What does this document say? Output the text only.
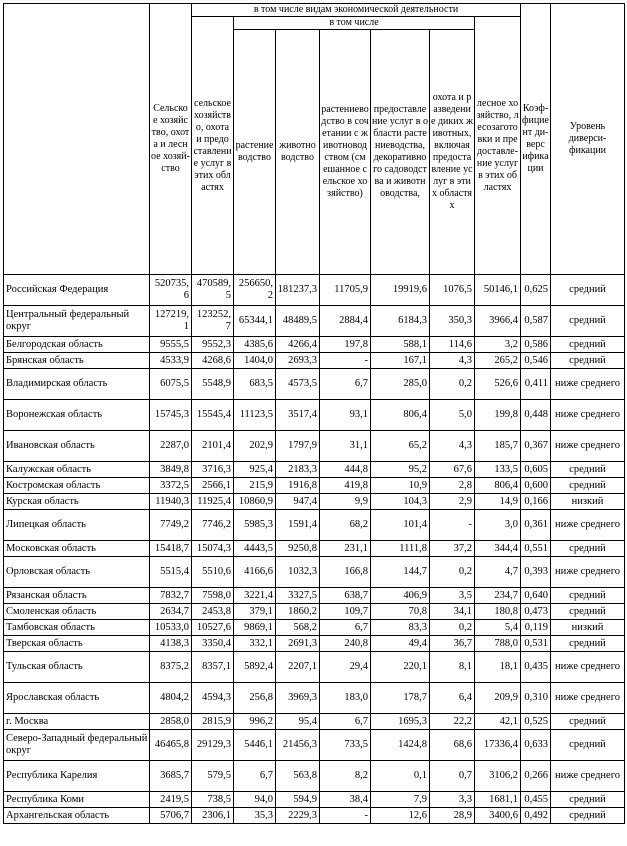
	Сельское хозяйство, охота и лесное хозяйство	в том числе видам экономической деятельности							Коэффициент диверсификации	Уровень диверсификации
		сельское хозяйство, охота и предоставление услуг в этих областях	в том числе					лесное хозяйство, лесозаготовки и предоставление услуг в этих областях		
			растениеводство	животноводство	растениеводство в сочетании с животноводством (смешанное сельское хозяйство)	предоставление услуг в области растениеводства, декоративного садоводства и животноводства,	охота и разведение диких животных, включая предоставление услуг в этих областях			
Российская Федерация	520735,6	470589,5	256650,2	181237,3	11705,9	19919,6	1076,5	50146,1	0,625	средний
Центральный федеральный округ	127219,1	123252,7	65344,1	48489,5	2884,4	6184,3	350,3	3966,4	0,587	средний
Белгородская область	9555,5	9552,3	4385,6	4266,4	197,8	588,1	114,6	3,2	0,586	средний
Брянская область	4533,9	4268,6	1404,0	2693,3	-	167,1	4,3	265,2	0,546	средний
Владимирская область	6075,5	5548,9	683,5	4573,5	6,7	285,0	0,2	526,6	0,411	ниже среднего
Воронежская область	15745,3	15545,4	11123,5	3517,4	93,1	806,4	5,0	199,8	0,448	ниже среднего
Ивановская область	2287,0	2101,4	202,9	1797,9	31,1	65,2	4,3	185,7	0,367	ниже среднего
Калужская область	3849,8	3716,3	925,4	2183,3	444,8	95,2	67,6	133,5	0,605	средний
Костромская область	3372,5	2566,1	215,9	1916,8	419,8	10,9	2,8	806,4	0,600	средний
Курская область	11940,3	11925,4	10860,9	947,4	9,9	104,3	2,9	14,9	0,166	низкий
Липецкая область	7749,2	7746,2	5985,3	1591,4	68,2	101,4	-	3,0	0,361	ниже среднего
Московская область	15418,7	15074,3	4443,5	9250,8	231,1	1111,8	37,2	344,4	0,551	средний
Орловская область	5515,4	5510,6	4166,6	1032,3	166,8	144,7	0,2	4,7	0,393	ниже среднего
Рязанская область	7832,7	7598,0	3221,4	3327,5	638,7	406,9	3,5	234,7	0,640	средний
Смоленская область	2634,7	2453,8	379,1	1860,2	109,7	70,8	34,1	180,8	0,473	средний
Тамбовская область	10533,0	10527,6	9869,1	568,2	6,7	83,3	0,2	5,4	0,119	низкий
Тверская область	4138,3	3350,4	332,1	2691,3	240,8	49,4	36,7	788,0	0,531	средний
Тульская область	8375,2	8357,1	5892,4	2207,1	29,4	220,1	8,1	18,1	0,435	ниже среднего
Ярославская область	4804,2	4594,3	256,8	3969,3	183,0	178,7	6,4	209,9	0,310	ниже среднего
г. Москва	2858,0	2815,9	996,2	95,4	6,7	1695,3	22,2	42,1	0,525	средний
Северо-Западный федеральный округ	46465,8	29129,3	5446,1	21456,3	733,5	1424,8	68,6	17336,4	0,633	средний
Республика Карелия	3685,7	579,5	6,7	563,8	8,2	0,1	0,7	3106,2	0,266	ниже среднего
Республика Коми	2419,5	738,5	94,0	594,9	38,4	7,9	3,3	1681,1	0,455	средний
Архангельская область	5706,7	2306,1	35,3	2229,3	-	12,6	28,9	3400,6	0,492	средний
